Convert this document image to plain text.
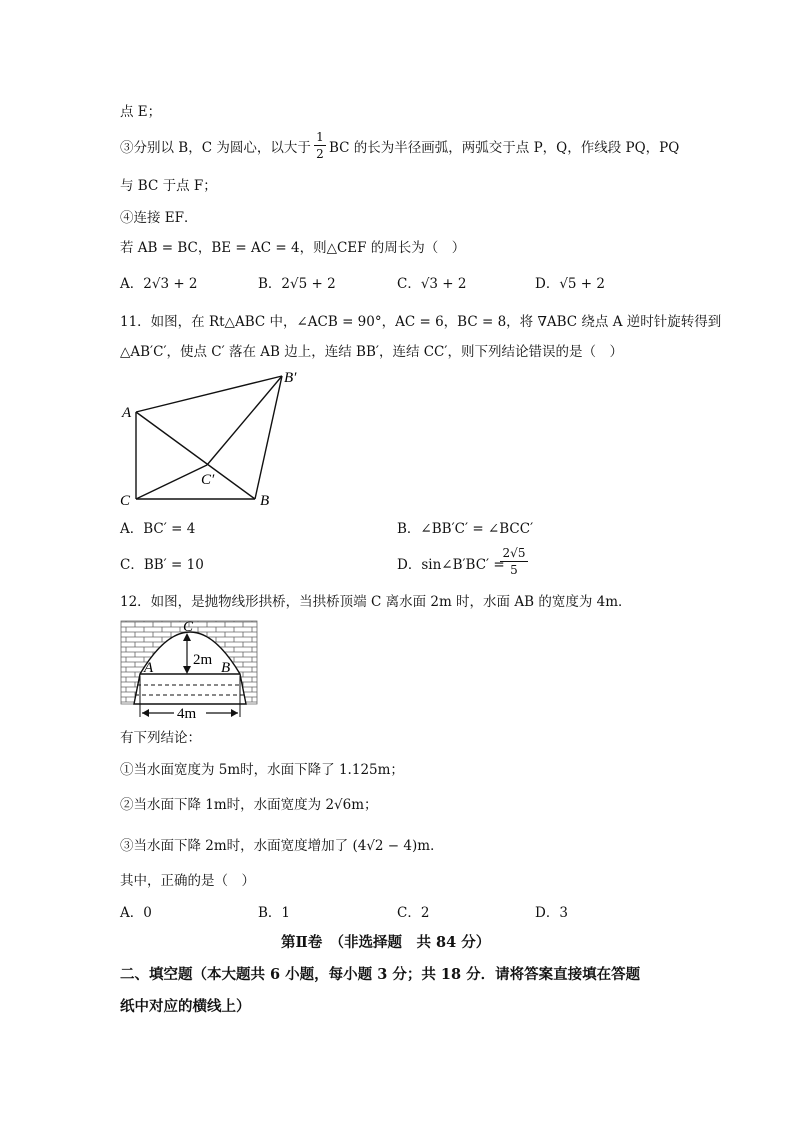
点 E；
③分别以 B，C 为圆心，以大于
1
2 BC 的长为半径画弧，两弧交于点 P，Q，作线段 PQ，PQ
与 BC 于点 F；
④连接 EF．
若 AB = BC，BE = AC = 4，则△CEF 的周长为（　）
A．2√3 + 2	B．2√5 + 2	C．√3 + 2	D．√5 + 2
11．如图，在 Rt△ABC 中，∠ACB = 90°，AC = 6，BC = 8，将 ∇ABC 绕点 A 逆时针旋转得到
△AB′C′，使点 C′ 落在 AB 边上，连结 BB′，连结 CC′，则下列结论错误的是（　）
A
B
C
B′
C′
A．BC′ = 4	B．∠BB′C′ = ∠BCC′
C．BB′ = 10	D．sin∠B′BC′ =
2√5
5
12．如图，是抛物线形拱桥，当拱桥顶端 C 离水面 2m 时，水面 AB 的宽度为 4m．
C
2m
A	B
4m
有下列结论：
①当水面宽度为 5m时，水面下降了 1.125m；
②当水面下降 1m时，水面宽度为 2√6m；
③当水面下降 2m时，水面宽度增加了 (4√2 − 4)m．
其中，正确的是（　）
A．0	B．1	C．2	D．3
第Ⅱ卷　（非选择题　共 84 分）
二、填空题（本大题共 6 小题，每小题 3 分；共 18 分．请将答案直接填在答题
纸中对应的横线上）
